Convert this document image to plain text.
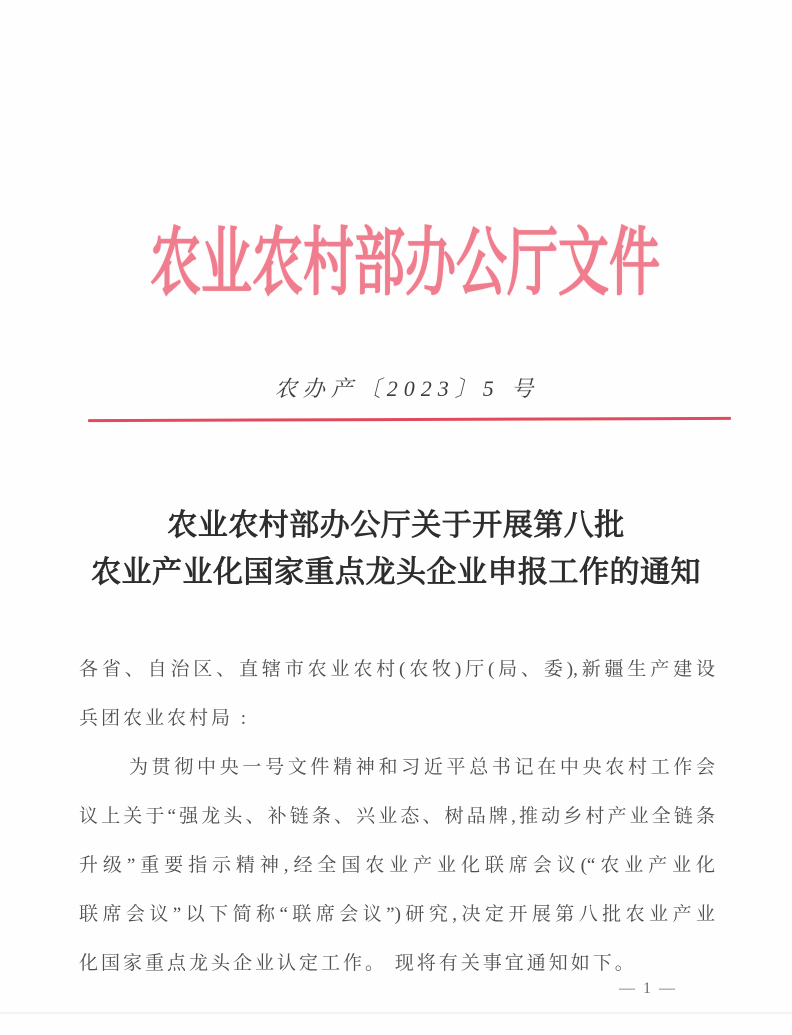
农业农村部办公厅文件
农办产〔2023〕5 号
农业农村部办公厅关于开展第八批
农业产业化国家重点龙头企业申报工作的通知
各省、自治区、直辖市农业农村(农牧)厅(局、委),新疆生产建设
兵团农业农村局 :
为贯彻中央一号文件精神和习近平总书记在中央农村工作会
议上关于“强龙头、补链条、兴业态、树品牌,推动乡村产业全链条
升级”重要指示精神,经全国农业产业化联席会议(“农业产业化
联席会议”以下简称“联席会议”)研究,决定开展第八批农业产业
化国家重点龙头企业认定工作。 现将有关事宜通知如下。
— 1 —
